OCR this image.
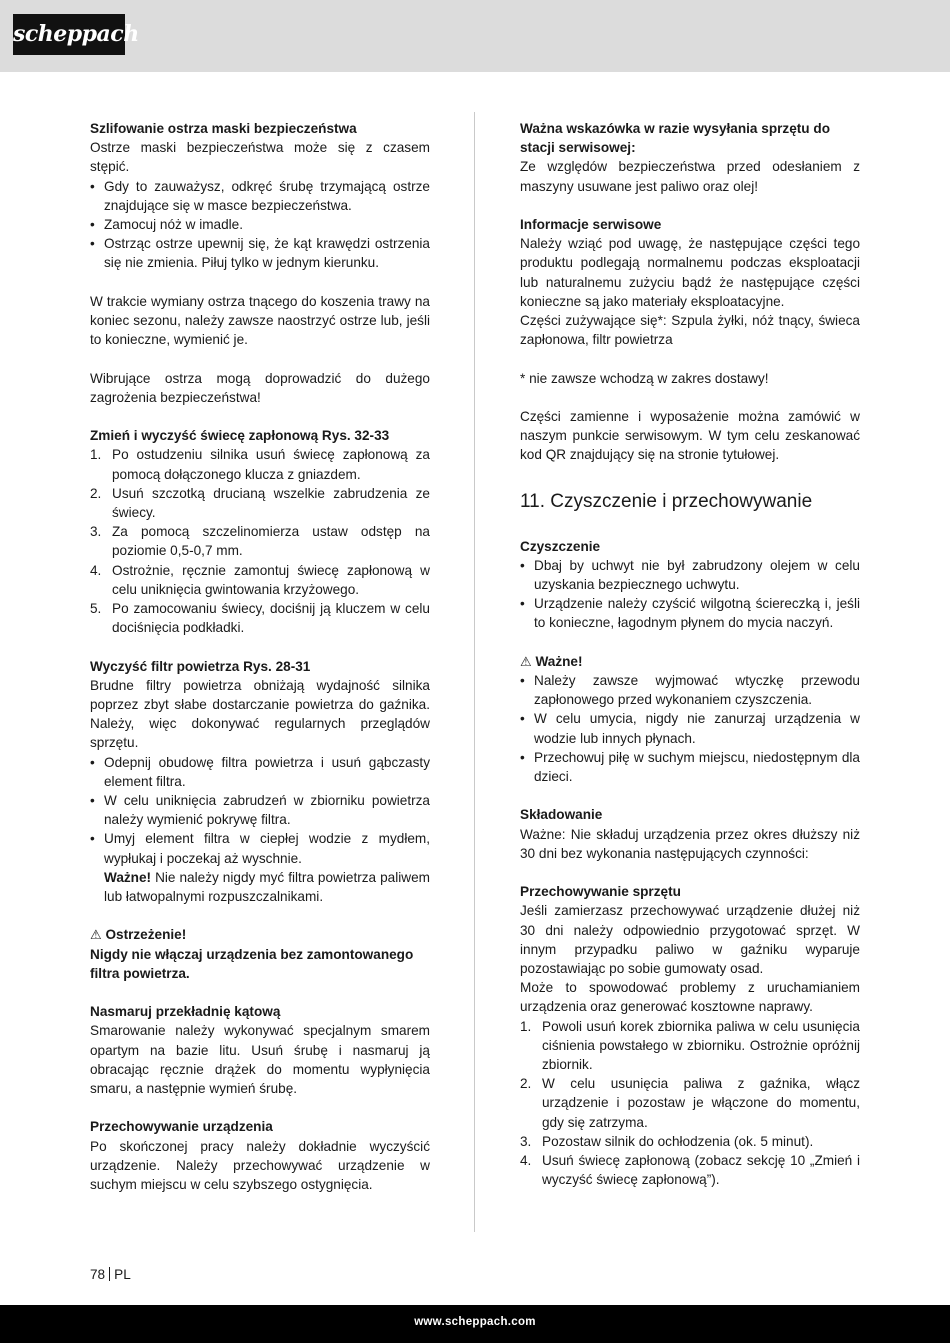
scheppach

Szlifowanie ostrza maski bezpieczeństwa

Ostrze maski bezpieczeństwa może się z czasem stępić.

• Gdy to zauważysz, odkręć śrubę trzymającą ostrze znajdujące się w masce bezpieczeństwa.
• Zamocuj nóż w imadle.
• Ostrząc ostrze upewnij się, że kąt krawędzi ostrzenia się nie zmienia. Piłuj tylko w jednym kierunku.

W trakcie wymiany ostrza tnącego do koszenia trawy na koniec sezonu, należy zawsze naostrzyć ostrze lub, jeśli to konieczne, wymienić je.

Wibrujące ostrza mogą doprowadzić do dużego zagrożenia bezpieczeństwa!

Zmień i wyczyść świecę zapłonową Rys. 32-33

1. Po ostudzeniu silnika usuń świecę zapłonową za pomocą dołączonego klucza z gniazdem.
2. Usuń szczotką drucianą wszelkie zabrudzenia ze świecy.
3. Za pomocą szczelinomierza ustaw odstęp na poziomie 0,5-0,7 mm.
4. Ostrożnie, ręcznie zamontuj świecę zapłonową w celu uniknięcia gwintowania krzyżowego.
5. Po zamocowaniu świecy, dociśnij ją kluczem w celu dociśnięcia podkładki.

Wyczyść filtr powietrza Rys. 28-31

Brudne filtry powietrza obniżają wydajność silnika poprzez zbyt słabe dostarczanie powietrza do gaźnika. Należy, więc dokonywać regularnych przeglądów sprzętu.

• Odepnij obudowę filtra powietrza i usuń gąbczasty element filtra.
• W celu uniknięcia zabrudzeń w zbiorniku powietrza należy wymienić pokrywę filtra.
• Umyj element filtra w ciepłej wodzie z mydłem, wypłukaj i poczekaj aż wyschnie.

Ważne! Nie należy nigdy myć filtra powietrza paliwem lub łatwopalnymi rozpuszczalnikami.

⚠ Ostrzeżenie!

Nigdy nie włączaj urządzenia bez zamontowanego filtra powietrza.

Nasmaruj przekładnię kątową

Smarowanie należy wykonywać specjalnym smarem opartym na bazie litu. Usuń śrubę i nasmaruj ją obracając ręcznie drążek do momentu wypłynięcia smaru, a następnie wymień śrubę.

Przechowywanie urządzenia

Po skończonej pracy należy dokładnie wyczyścić urządzenie. Należy przechowywać urządzenie w suchym miejscu w celu szybszego ostygnięcia.

Ważna wskazówka w razie wysyłania sprzętu do stacji serwisowej:

Ze względów bezpieczeństwa przed odesłaniem z maszyny usuwane jest paliwo oraz olej!

Informacje serwisowe

Należy wziąć pod uwagę, że następujące części tego produktu podlegają normalnemu podczas eksploatacji lub naturalnemu zużyciu bądź że następujące części konieczne są jako materiały eksploatacyjne.

Części zużywające się*: Szpula żyłki, nóż tnący, świeca zapłonowa, filtr powietrza

* nie zawsze wchodzą w zakres dostawy!

Części zamienne i wyposażenie można zamówić w naszym punkcie serwisowym. W tym celu zeskanować kod QR znajdujący się na stronie tytułowej.

11. Czyszczenie i przechowywanie

Czyszczenie

• Dbaj by uchwyt nie był zabrudzony olejem w celu uzyskania bezpiecznego uchwytu.
• Urządzenie należy czyścić wilgotną ściereczką i, jeśli to konieczne, łagodnym płynem do mycia naczyń.

⚠ Ważne!

• Należy zawsze wyjmować wtyczkę przewodu zapłonowego przed wykonaniem czyszczenia.
• W celu umycia, nigdy nie zanurzaj urządzenia w wodzie lub innych płynach.
• Przechowuj piłę w suchym miejscu, niedostępnym dla dzieci.

Składowanie

Ważne: Nie składuj urządzenia przez okres dłuższy niż 30 dni bez wykonania następujących czynności:

Przechowywanie sprzętu

Jeśli zamierzasz przechowywać urządzenie dłużej niż 30 dni należy odpowiednio przygotować sprzęt. W innym przypadku paliwo w gaźniku wyparuje pozostawiając po sobie gumowaty osad.

Może to spowodować problemy z uruchamianiem urządzenia oraz generować kosztowne naprawy.

1. Powoli usuń korek zbiornika paliwa w celu usunięcia ciśnienia powstałego w zbiorniku. Ostrożnie opróżnij zbiornik.
2. W celu usunięcia paliwa z gaźnika, włącz urządzenie i pozostaw je włączone do momentu, gdy się zatrzyma.
3. Pozostaw silnik do ochłodzenia (ok. 5 minut).
4. Usuń świecę zapłonową (zobacz sekcję 10 „Zmień i wyczyść świecę zapłonową”).
78 PL
www.scheppach.com
